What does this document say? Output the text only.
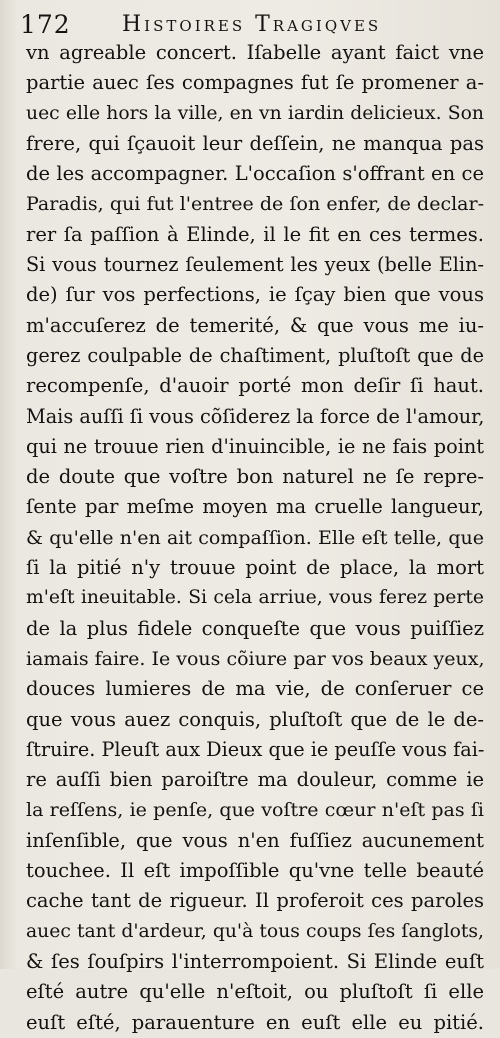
172 Histoires Tragiqves
vn agreable concert. Iſabelle ayant faict vne
partie auec ſes compagnes fut ſe promener a-
uec elle hors la ville, en vn iardin delicieux. Son
frere, qui ſçauoit leur deſſein, ne manqua pas
de les accompagner. L'occaſion s'offrant en ce
Paradis, qui fut l'entree de ſon enfer, de declar-
rer ſa paſſion à Elinde, il le fit en ces termes.
Si vous tournez ſeulement les yeux (belle Elin-
de) ſur vos perfections, ie ſçay bien que vous
m'accuſerez de temerité, & que vous me iu-
gerez coulpable de chaſtiment, pluſtoſt que de
recompenſe, d'auoir porté mon deſir ſi haut.
Mais auſſi ſi vous cõſiderez la force de l'amour,
qui ne trouue rien d'inuincible, ie ne fais point
de doute que voſtre bon naturel ne ſe repre-
ſente par meſme moyen ma cruelle langueur,
& qu'elle n'en ait compaſſion. Elle eſt telle, que
ſi la pitié n'y trouue point de place, la mort
m'eſt ineuitable. Si cela arriue, vous ferez perte
de la plus fidele conqueſte que vous puiſſiez
iamais faire. Ie vous cõiure par vos beaux yeux,
douces lumieres de ma vie, de conſeruer ce
que vous auez conquis, pluſtoſt que de le de-
ſtruire. Pleuſt aux Dieux que ie peuſſe vous fai-
re auſſi bien paroiſtre ma douleur, comme ie
la reſſens, ie penſe, que voſtre cœur n'eſt pas ſi
inſenſible, que vous n'en fuſſiez aucunement
touchee. Il eſt impoſſible qu'vne telle beauté
cache tant de rigueur. Il proferoit ces paroles
auec tant d'ardeur, qu'à tous coups ſes ſanglots,
& ſes ſouſpirs l'interrompoient. Si Elinde euſt
eſté autre qu'elle n'eſtoit, ou pluſtoſt ſi elle
euſt eſté, parauenture en euſt elle eu pitié.
